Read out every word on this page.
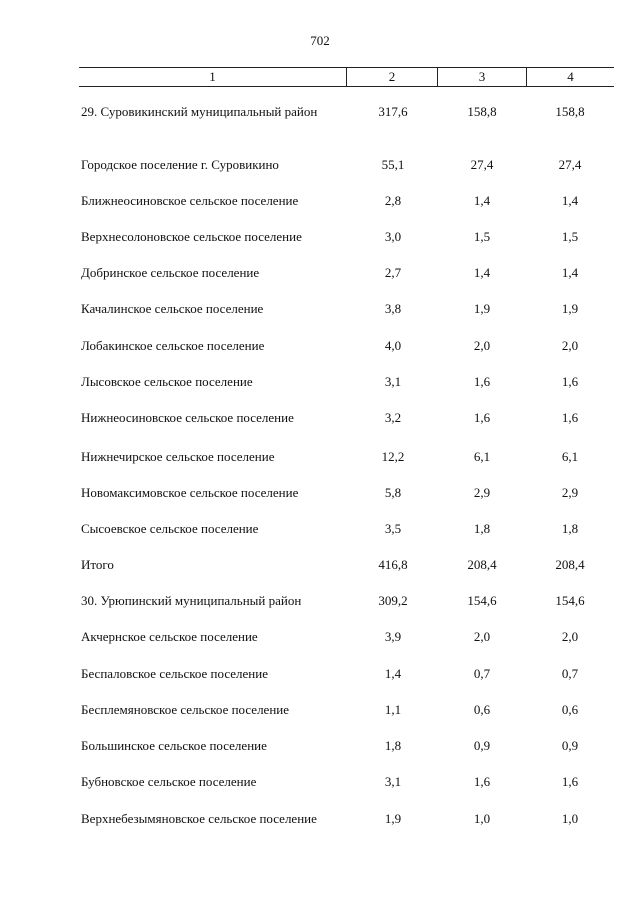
702
1	2	3	4
29. Суровикинский муниципальный район	317,6	158,8	158,8
Городское поселение г. Суровикино	55,1	27,4	27,4
Ближнеосиновское сельское поселение	2,8	1,4	1,4
Верхнесолоновское сельское поселение	3,0	1,5	1,5
Добринское сельское поселение	2,7	1,4	1,4
Качалинское сельское поселение	3,8	1,9	1,9
Лобакинское сельское поселение	4,0	2,0	2,0
Лысовское сельское поселение	3,1	1,6	1,6
Нижнеосиновское сельское поселение	3,2	1,6	1,6
Нижнечирское сельское поселение	12,2	6,1	6,1
Новомаксимовское сельское поселение	5,8	2,9	2,9
Сысоевское сельское поселение	3,5	1,8	1,8
Итого	416,8	208,4	208,4
30. Урюпинский муниципальный район	309,2	154,6	154,6
Акчернское сельское поселение	3,9	2,0	2,0
Беспаловское сельское поселение	1,4	0,7	0,7
Бесплемяновское сельское поселение	1,1	0,6	0,6
Большинское сельское поселение	1,8	0,9	0,9
Бубновское сельское поселение	3,1	1,6	1,6
Верхнебезымяновское сельское поселение	1,9	1,0	1,0
